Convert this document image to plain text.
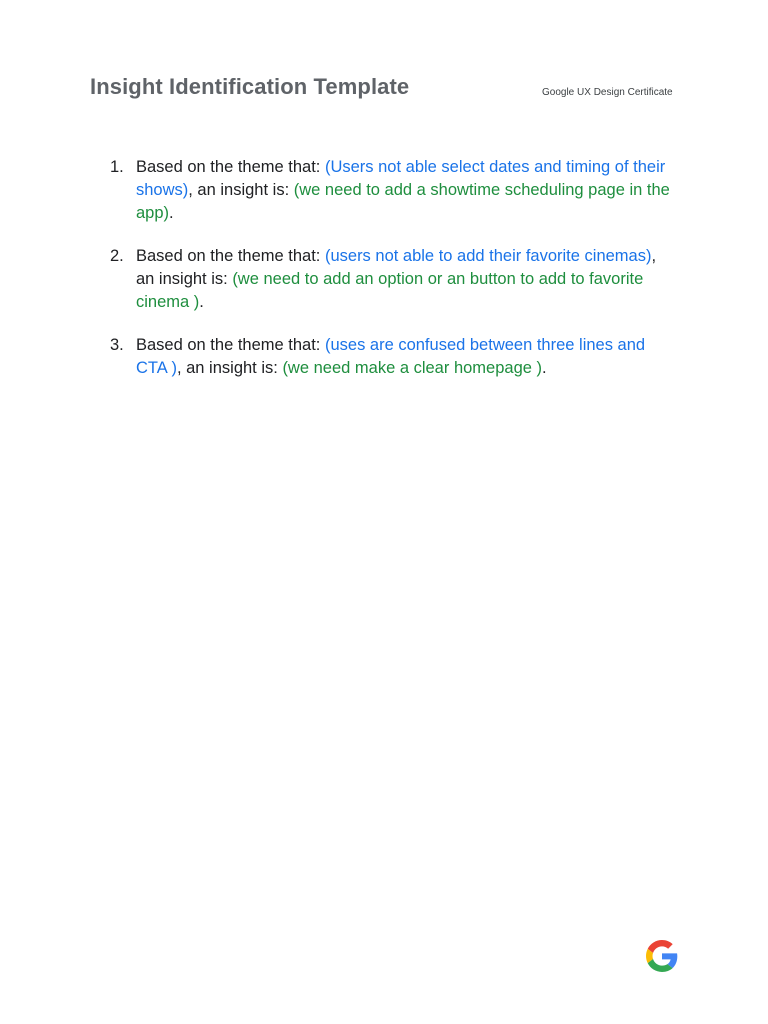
Insight Identification Template	Google UX Design Certificate
1. Based on the theme that: (Users not able select dates and timing of their shows), an insight is: (we need to add a showtime scheduling page in the app).
2. Based on the theme that: (users not able to add their favorite cinemas), an insight is: (we need to add an option or an button to add to favorite cinema ).
3. Based on the theme that: (uses are confused between three lines and CTA ), an insight is: (we need make a clear homepage ).
